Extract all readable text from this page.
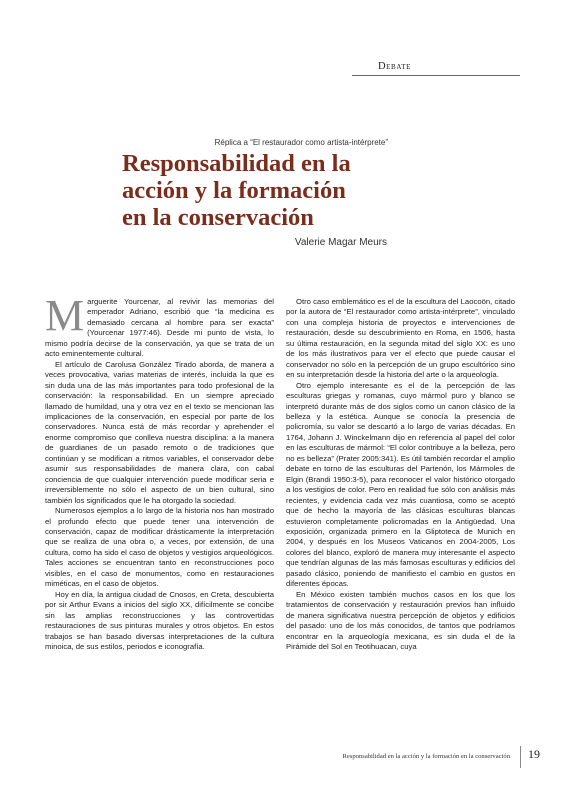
Debate
Réplica a “El restaurador como artista-intérprete”
Responsabilidad en la
acción y la formación
en la conservación
Valerie Magar Meurs

Marguerite Yourcenar, al revivir las memorias del emperador Adriano, escribió que “la medicina es demasiado cercana al hombre para ser exacta” (Yourcenar 1977:46). Desde mi punto de vista, lo mismo podría decirse de la conservación, ya que se trata de un acto eminentemente cultural.

El artículo de Carolusa González Tirado aborda, de manera a veces provocativa, varias materias de interés, incluida la que es sin duda una de las más importantes para todo profesional de la conservación: la responsabilidad. En un siempre apreciado llamado de humildad, una y otra vez en el texto se mencionan las implicaciones de la conservación, en especial por parte de los conservadores. Nunca está de más recordar y aprehender el enorme compromiso que conlleva nuestra disciplina: a la manera de guardianes de un pasado remoto o de tradiciones que continúan y se modifican a ritmos variables, el conservador debe asumir sus responsabilidades de manera clara, con cabal conciencia de que cualquier intervención puede modificar seria e irreversiblemente no sólo el aspecto de un bien cultural, sino también los significados que le ha otorgado la sociedad.

Numerosos ejemplos a lo largo de la historia nos han mostrado el profundo efecto que puede tener una intervención de conservación, capaz de modificar drásticamente la interpretación que se realiza de una obra o, a veces, por extensión, de una cultura, como ha sido el caso de objetos y vestigios arqueológicos. Tales acciones se encuentran tanto en reconstrucciones poco visibles, en el caso de monumentos, como en restauraciones miméticas, en el caso de objetos.

Hoy en día, la antigua ciudad de Cnosos, en Creta, descubierta por sir Arthur Evans a inicios del siglo XX, difícilmente se concibe sin las amplias reconstrucciones y las controvertidas restauraciones de sus pinturas murales y otros objetos. En estos trabajos se han basado diversas interpretaciones de la cultura minoica, de sus estilos, periodos e iconografía.

Otro caso emblemático es el de la escultura del Laocoön, citado por la autora de “El restaurador como artista-intérprete”, vinculado con una compleja historia de proyectos e intervenciones de restauración, desde su descubrimiento en Roma, en 1506, hasta su última restauración, en la segunda mitad del siglo XX: es uno de los más ilustrativos para ver el efecto que puede causar el conservador no sólo en la percepción de un grupo escultórico sino en su interpretación desde la historia del arte o la arqueología.

Otro ejemplo interesante es el de la percepción de las esculturas griegas y romanas, cuyo mármol puro y blanco se interpretó durante más de dos siglos como un canon clásico de la belleza y la estética. Aunque se conocía la presencia de policromía, su valor se descartó a lo largo de varias décadas. En 1764, Johann J. Winckelmann dijo en referencia al papel del color en las esculturas de mármol: “El color contribuye a la belleza, pero no es belleza” (Prater 2005:341). Es útil también recordar el amplio debate en torno de las esculturas del Partenón, los Mármoles de Elgin (Brandi 1950:3-5), para reconocer el valor histórico otorgado a los vestigios de color. Pero en realidad fue sólo con análisis más recientes, y evidencia cada vez más cuantiosa, como se aceptó que de hecho la mayoría de las clásicas esculturas blancas estuvieron completamente policromadas en la Antigüedad. Una exposición, organizada primero en la Gliptoteca de Munich en 2004, y después en los Museos Vaticanos en 2004-2005, Los colores del blanco, exploró de manera muy interesante el aspecto que tendrían algunas de las más famosas esculturas y edificios del pasado clásico, poniendo de manifiesto el cambio en gustos en diferentes épocas.

En México existen también muchos casos en los que los tratamientos de conservación y restauración previos han influido de manera significativa nuestra percepción de objetos y edificios del pasado: uno de los más conocidos, de tantos que podríamos encontrar en la arqueología mexicana, es sin duda el de la Pirámide del Sol en Teotihuacan, cuya

Responsabilidad en la acción y la formación en la conservación 19
